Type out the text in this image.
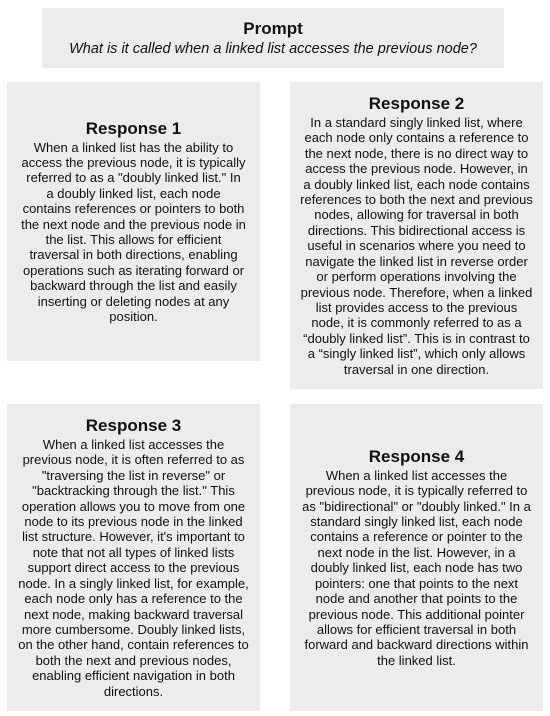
Prompt
What is it called when a linked list accesses the previous node?
Response 1
When a linked list has the ability to access the previous node, it is typically referred to as a "doubly linked list." In a doubly linked list, each node contains references or pointers to both the next node and the previous node in the list. This allows for efficient traversal in both directions, enabling operations such as iterating forward or backward through the list and easily inserting or deleting nodes at any position.
Response 2
In a standard singly linked list, where each node only contains a reference to the next node, there is no direct way to access the previous node. However, in a doubly linked list, each node contains references to both the next and previous nodes, allowing for traversal in both directions. This bidirectional access is useful in scenarios where you need to navigate the linked list in reverse order or perform operations involving the previous node. Therefore, when a linked list provides access to the previous node, it is commonly referred to as a “doubly linked list”. This is in contrast to a “singly linked list”, which only allows traversal in one direction.
Response 3
When a linked list accesses the previous node, it is often referred to as "traversing the list in reverse" or "backtracking through the list." This operation allows you to move from one node to its previous node in the linked list structure. However, it's important to note that not all types of linked lists support direct access to the previous node. In a singly linked list, for example, each node only has a reference to the next node, making backward traversal more cumbersome. Doubly linked lists, on the other hand, contain references to both the next and previous nodes, enabling efficient navigation in both directions.
Response 4
When a linked list accesses the previous node, it is typically referred to as "bidirectional" or "doubly linked." In a standard singly linked list, each node contains a reference or pointer to the next node in the list. However, in a doubly linked list, each node has two pointers: one that points to the next node and another that points to the previous node. This additional pointer allows for efficient traversal in both forward and backward directions within the linked list.
